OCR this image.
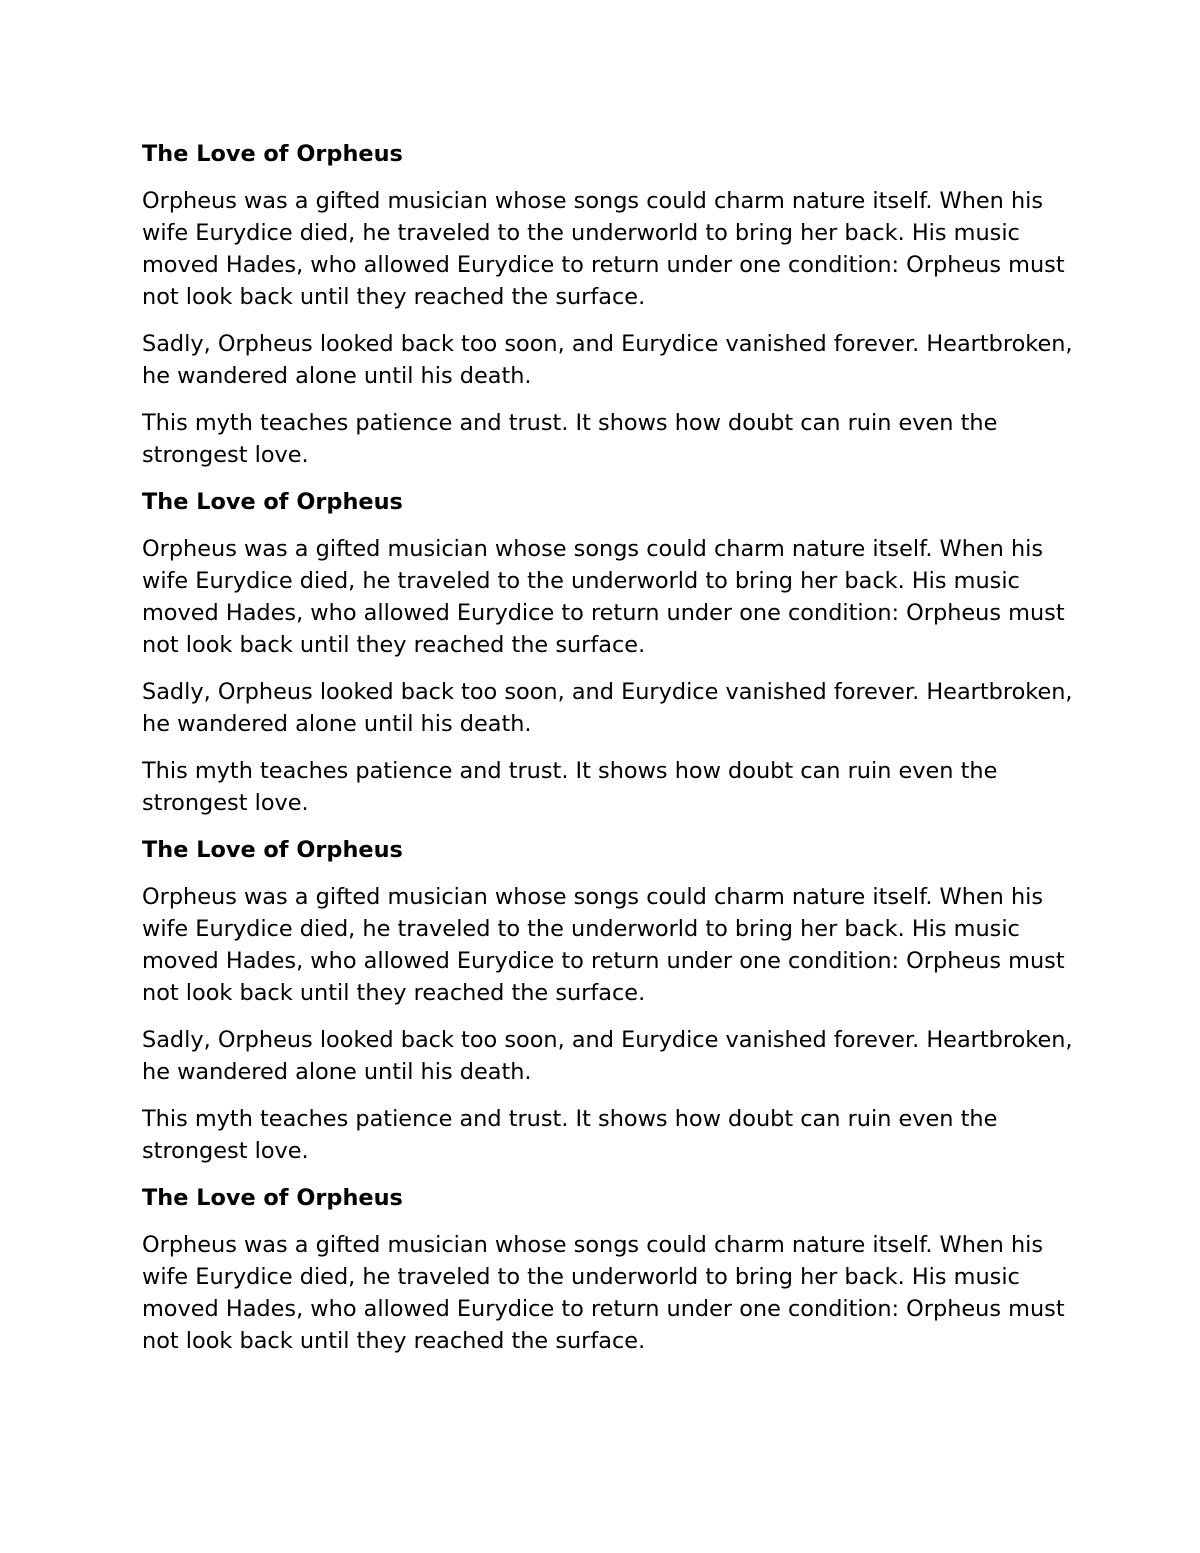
The Love of Orpheus

Orpheus was a gifted musician whose songs could charm nature itself. When his wife Eurydice died, he traveled to the underworld to bring her back. His music moved Hades, who allowed Eurydice to return under one condition: Orpheus must not look back until they reached the surface.

Sadly, Orpheus looked back too soon, and Eurydice vanished forever. Heartbroken, he wandered alone until his death.

This myth teaches patience and trust. It shows how doubt can ruin even the strongest love.

The Love of Orpheus

Orpheus was a gifted musician whose songs could charm nature itself. When his wife Eurydice died, he traveled to the underworld to bring her back. His music moved Hades, who allowed Eurydice to return under one condition: Orpheus must not look back until they reached the surface.

Sadly, Orpheus looked back too soon, and Eurydice vanished forever. Heartbroken, he wandered alone until his death.

This myth teaches patience and trust. It shows how doubt can ruin even the strongest love.

The Love of Orpheus

Orpheus was a gifted musician whose songs could charm nature itself. When his wife Eurydice died, he traveled to the underworld to bring her back. His music moved Hades, who allowed Eurydice to return under one condition: Orpheus must not look back until they reached the surface.

Sadly, Orpheus looked back too soon, and Eurydice vanished forever. Heartbroken, he wandered alone until his death.

This myth teaches patience and trust. It shows how doubt can ruin even the strongest love.

The Love of Orpheus

Orpheus was a gifted musician whose songs could charm nature itself. When his wife Eurydice died, he traveled to the underworld to bring her back. His music moved Hades, who allowed Eurydice to return under one condition: Orpheus must not look back until they reached the surface.
